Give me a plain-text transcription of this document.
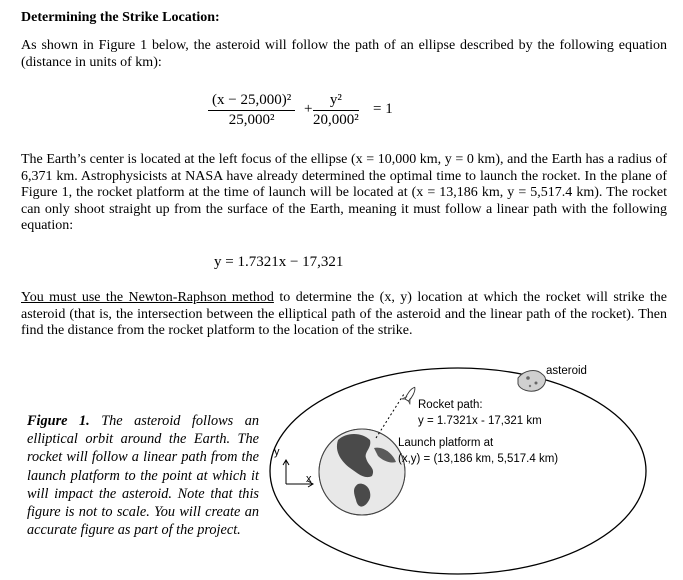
Determining the Strike Location:
As shown in Figure 1 below, the asteroid will follow the path of an ellipse described by the following equation (distance in units of km):
$\frac{\text{(x − 25,000)²}}{\text{25,000²}} + \frac{\text{y²}}{\text{20,000²}} = 1$
The Earth’s center is located at the left focus of the ellipse (x = 10,000 km, y = 0 km), and the Earth has a radius of 6,371 km. Astrophysicists at NASA have already determined the optimal time to launch the rocket. In the plane of Figure 1, the rocket platform at the time of launch will be located at (x = 13,186 km, y = 5,517.4 km). The rocket can only shoot straight up from the surface of the Earth, meaning it must follow a linear path with the following equation:
y = 1.7321x − 17,321
You must use the Newton-Raphson method to determine the (x, y) location at which the rocket will strike the asteroid (that is, the intersection between the elliptical path of the asteroid and the linear path of the rocket). Then find the distance from the rocket platform to the location of the strike.
Figure 1. The asteroid follows an elliptical orbit around the Earth. The rocket will follow a linear path from the launch platform to the point at which it will impact the asteroid. Note that this figure is not to scale. You will create an accurate figure as part of the project.
y
x
asteroid
Rocket path:
y = 1.7321x - 17,321 km
Launch platform at
(x,y) = (13,186 km, 5,517.4 km)
